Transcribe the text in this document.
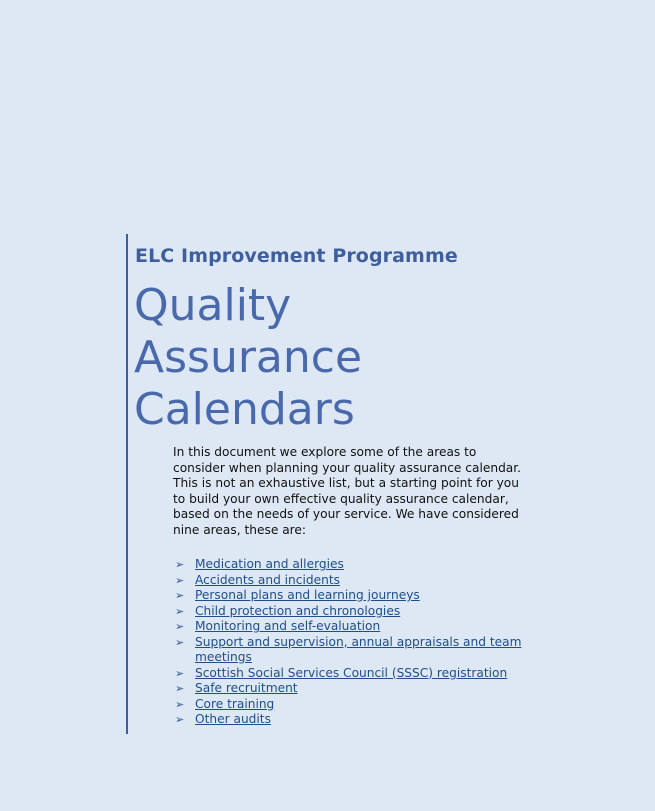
ELC Improvement Programme
Quality
Assurance
Calendars
In this document we explore some of the areas to
consider when planning your quality assurance calendar.
This is not an exhaustive list, but a starting point for you
to build your own effective quality assurance calendar,
based on the needs of your service. We have considered
nine areas, these are:
➢ Medication and allergies
➢ Accidents and incidents
➢ Personal plans and learning journeys
➢ Child protection and chronologies
➢ Monitoring and self-evaluation
➢ Support and supervision, annual appraisals and team
meetings
➢ Scottish Social Services Council (SSSC) registration
➢ Safe recruitment
➢ Core training
➢ Other audits
